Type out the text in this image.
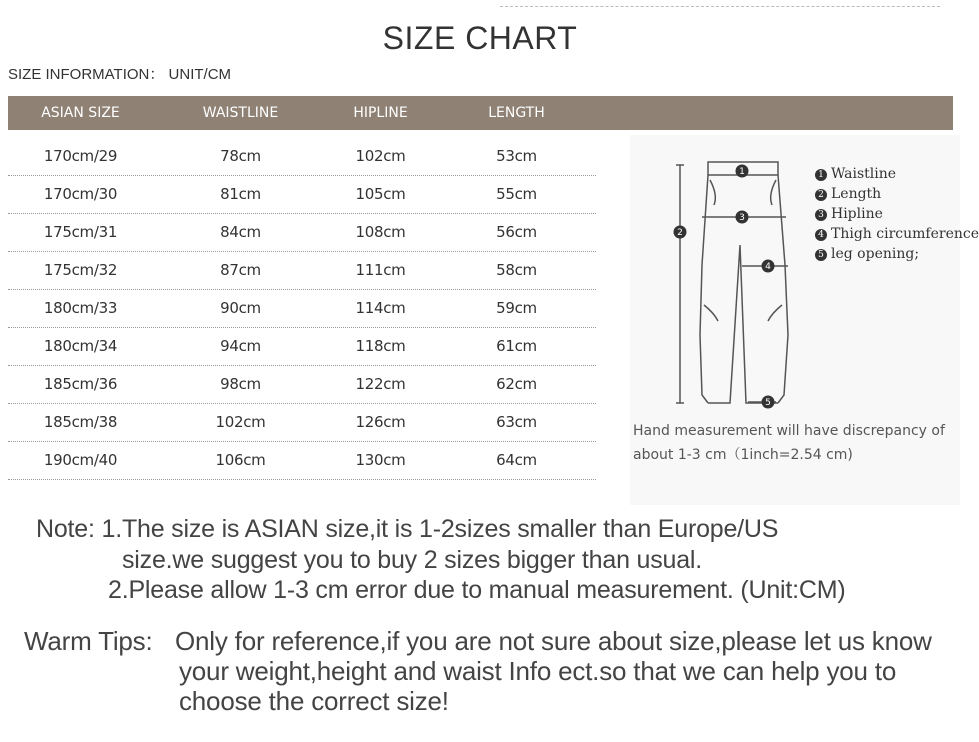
SIZE CHART
SIZE INFORMATION： UNIT/CM
ASIAN SIZE	WAISTLINE	HIPLINE	LENGTH
170cm/29	78cm	102cm	53cm
170cm/30	81cm	105cm	55cm
175cm/31	84cm	108cm	56cm
175cm/32	87cm	111cm	58cm
180cm/33	90cm	114cm	59cm
180cm/34	94cm	118cm	61cm
185cm/36	98cm	122cm	62cm
185cm/38	102cm	126cm	63cm
190cm/40	106cm	130cm	64cm
1
2
3
4
5
1 Waistline
2 Length
3 Hipline
4 Thigh circumference
5 leg opening;
Hand measurement will have discrepancy of about 1-3 cm（1inch=2.54 cm)
Note: 1.The size is ASIAN size,it is 1-2sizes smaller than Europe/US
size.we suggest you to buy 2 sizes bigger than usual.
2.Please allow 1-3 cm error due to manual measurement. (Unit:CM)
Warm Tips: Only for reference,if you are not sure about size,please let us know
your weight,height and waist Info ect.so that we can help you to
choose the correct size!
